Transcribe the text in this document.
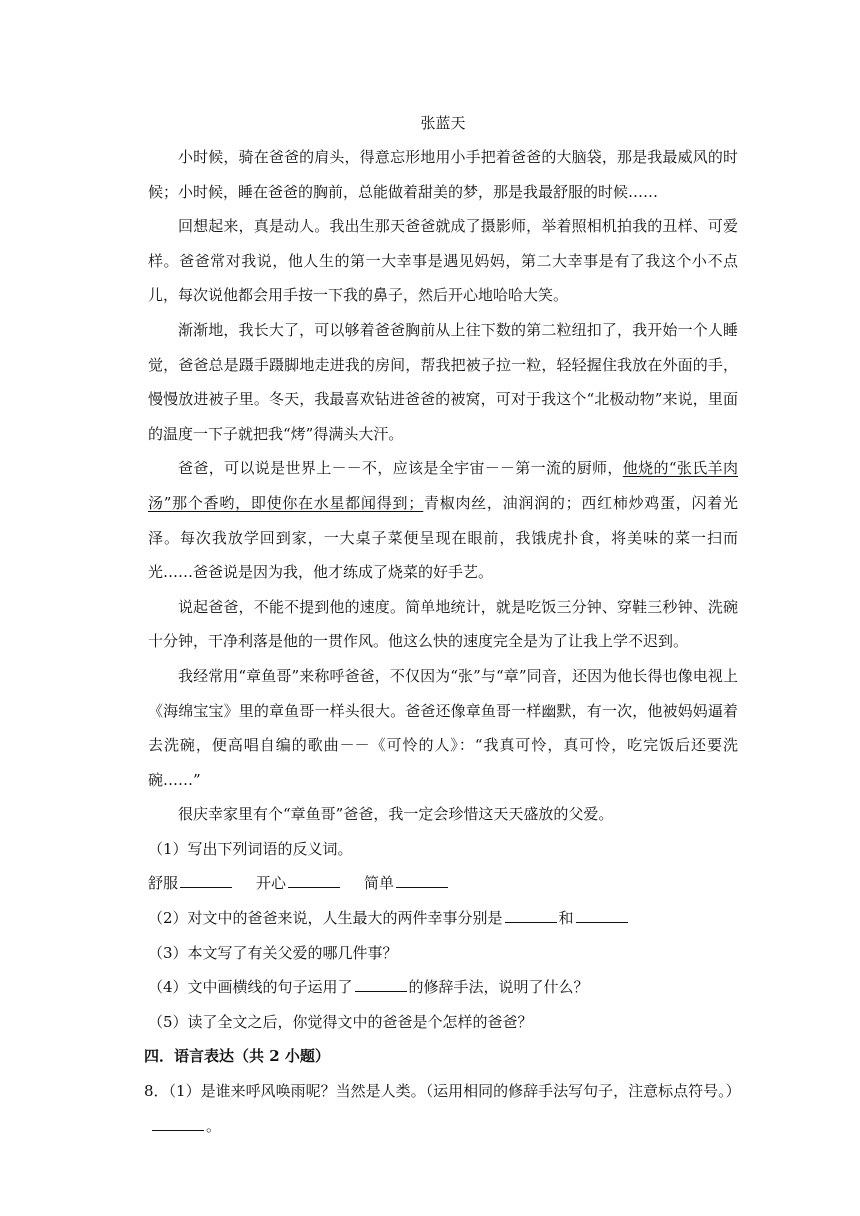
张蓝天

小时候，骑在爸爸的肩头，得意忘形地用小手把着爸爸的大脑袋，那是我最威风的时候；小时候，睡在爸爸的胸前，总能做着甜美的梦，那是我最舒服的时候……

回想起来，真是动人。我出生那天爸爸就成了摄影师，举着照相机拍我的丑样、可爱样。爸爸常对我说，他人生的第一大幸事是遇见妈妈，第二大幸事是有了我这个小不点儿，每次说他都会用手按一下我的鼻子，然后开心地哈哈大笑。

渐渐地，我长大了，可以够着爸爸胸前从上往下数的第二粒纽扣了，我开始一个人睡觉，爸爸总是蹑手蹑脚地走进我的房间，帮我把被子拉一粒，轻轻握住我放在外面的手，慢慢放进被子里。冬天，我最喜欢钻进爸爸的被窝，可对于我这个“北极动物”来说，里面的温度一下子就把我“烤”得满头大汗。

爸爸，可以说是世界上－－不，应该是全宇宙－－第一流的厨师，他烧的“张氏羊肉汤”那个香哟，即使你在水星都闻得到；青椒肉丝，油润润的；西红柿炒鸡蛋，闪着光泽。每次我放学回到家，一大桌子菜便呈现在眼前，我饿虎扑食，将美味的菜一扫而光……爸爸说是因为我，他才练成了烧菜的好手艺。

说起爸爸，不能不提到他的速度。简单地统计，就是吃饭三分钟、穿鞋三秒钟、洗碗十分钟，干净利落是他的一贯作风。他这么快的速度完全是为了让我上学不迟到。

我经常用“章鱼哥”来称呼爸爸，不仅因为“张”与“章”同音，还因为他长得也像电视上《海绵宝宝》里的章鱼哥一样头很大。爸爸还像章鱼哥一样幽默，有一次，他被妈妈逼着去洗碗，便高唱自编的歌曲－－《可怜的人》：“我真可怜，真可怜，吃完饭后还要洗碗……”

很庆幸家里有个“章鱼哥”爸爸，我一定会珍惜这天天盛放的父爱。

（1）写出下列词语的反义词。

舒服	开心	简单

（2）对文中的爸爸来说，人生最大的两件幸事分别是	和

（3）本文写了有关父爱的哪几件事？

（4）文中画横线的句子运用了	的修辞手法，说明了什么？

（5）读了全文之后，你觉得文中的爸爸是个怎样的爸爸？

四．语言表达（共 2 小题）

8．（1）是谁来呼风唤雨呢？当然是人类。（运用相同的修辞手法写句子，注意标点符号。）

。
